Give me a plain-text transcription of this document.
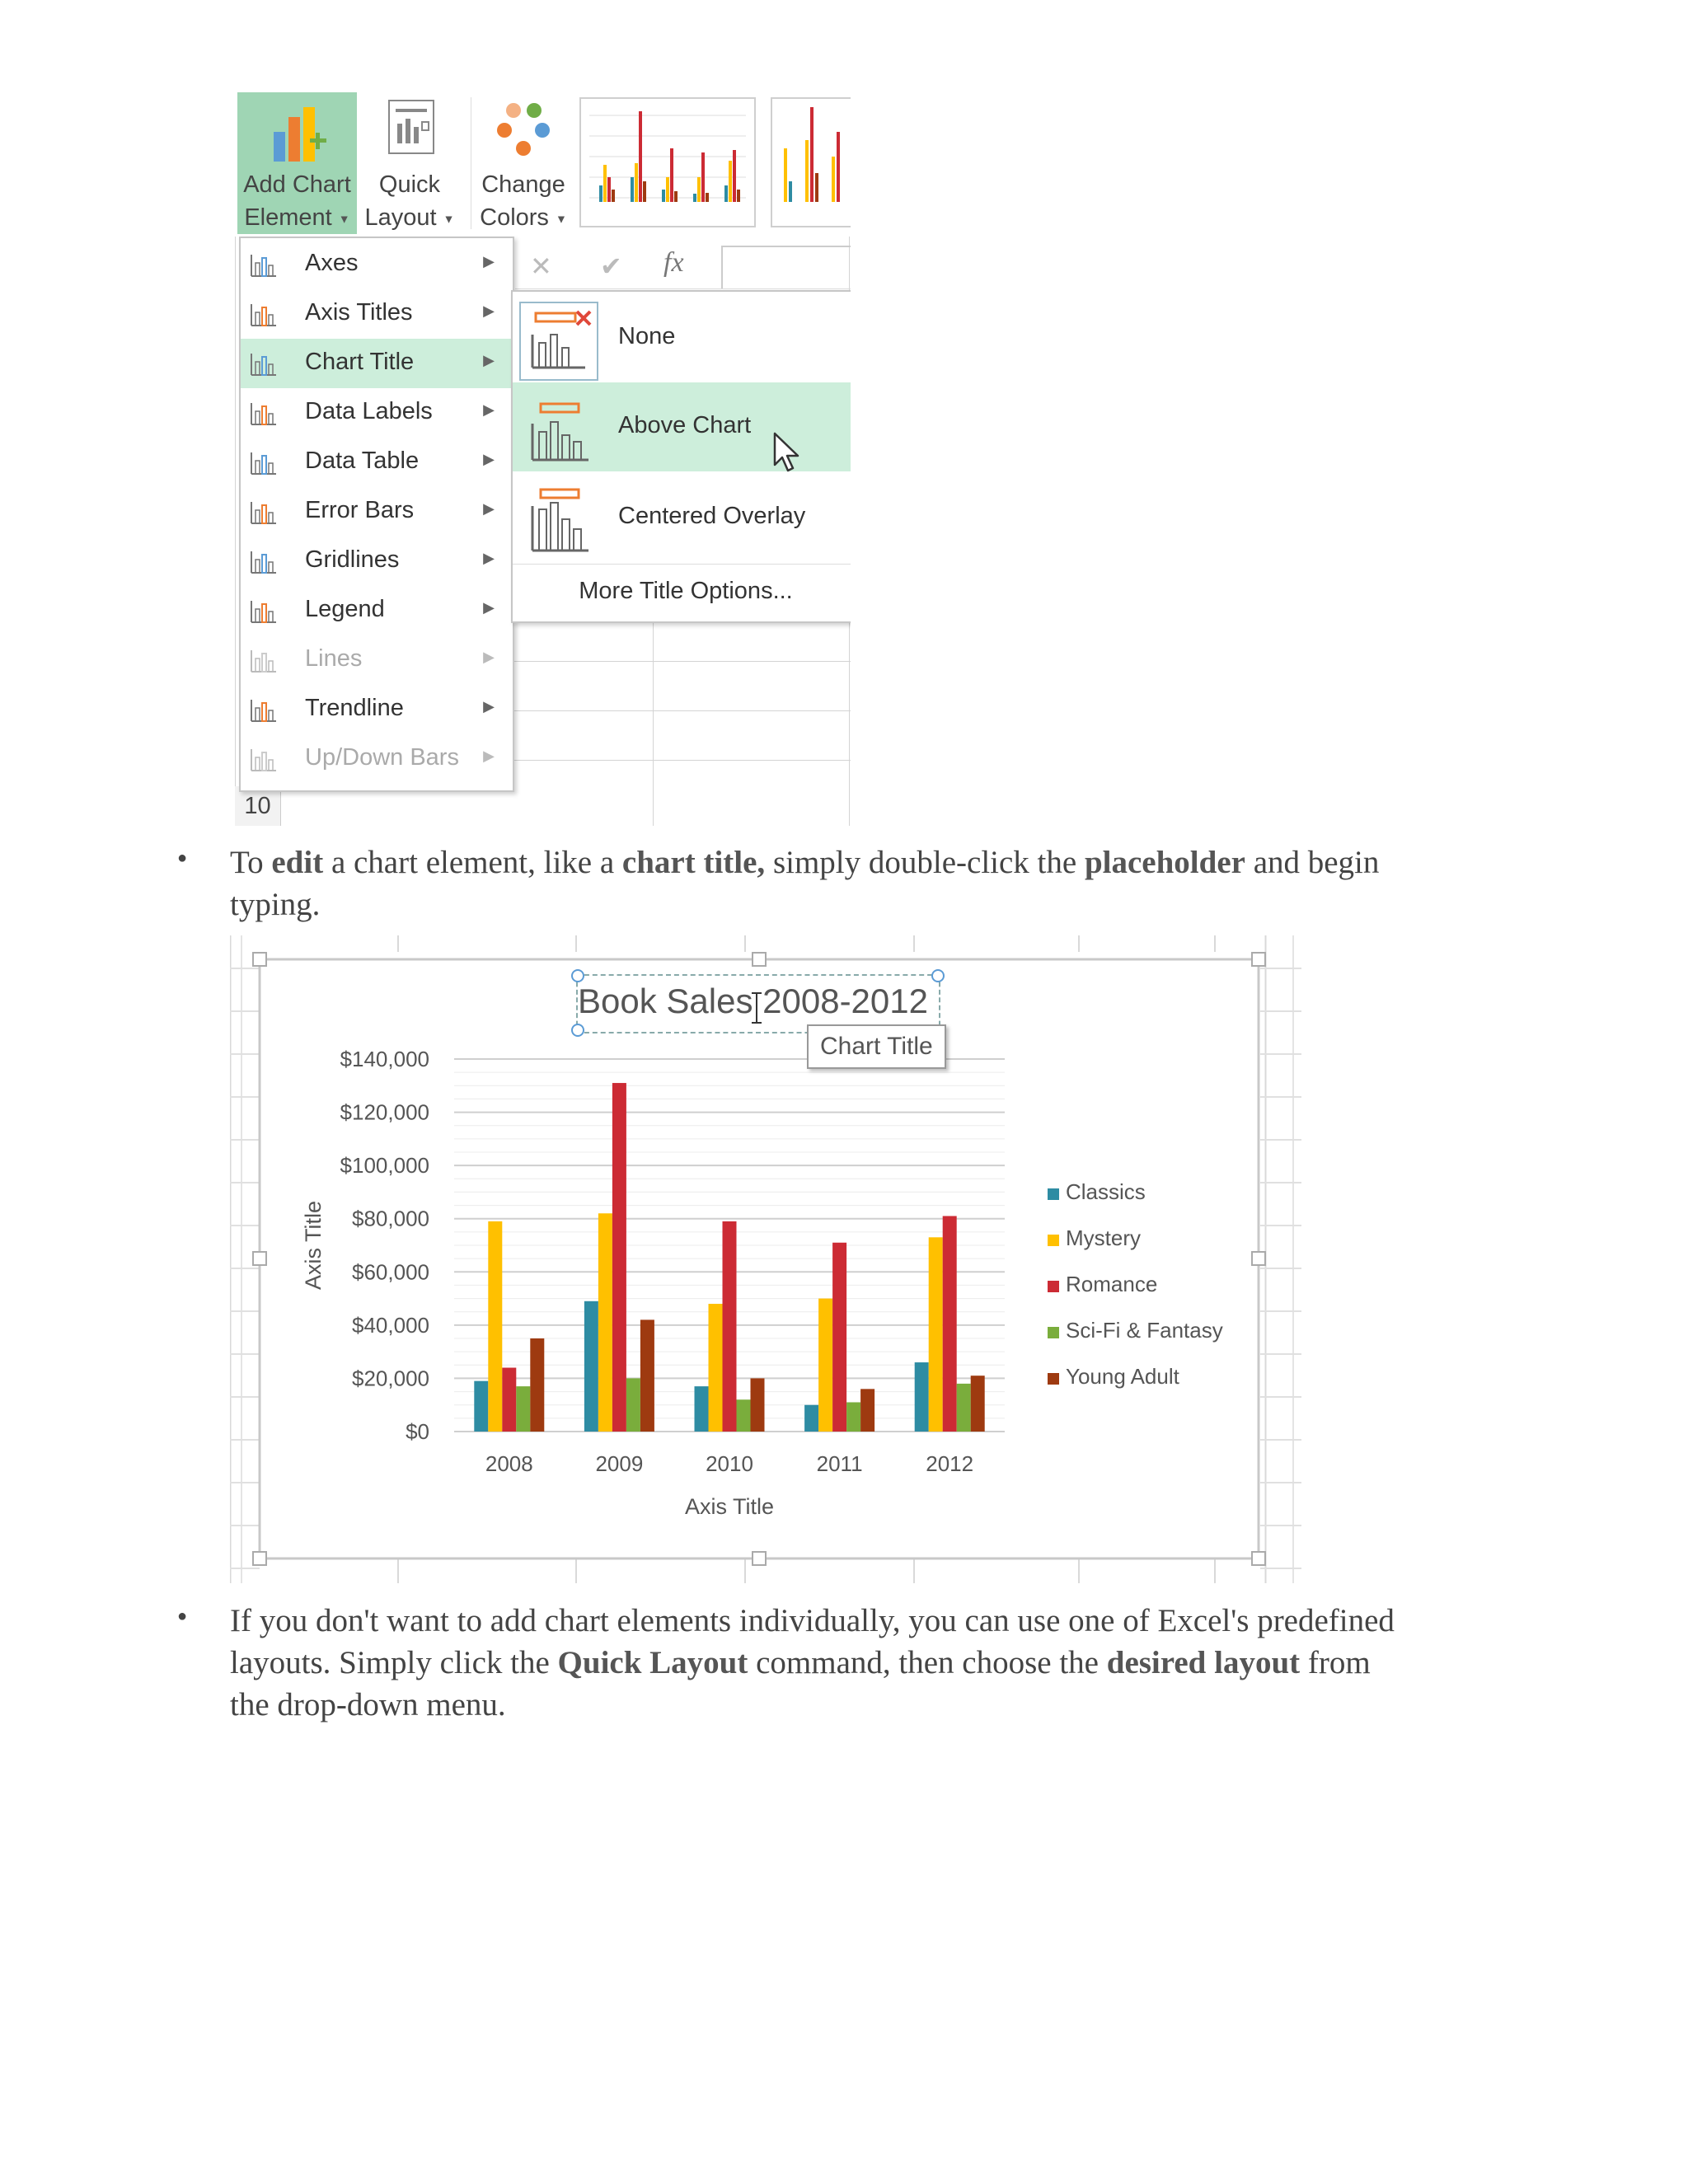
Add Chart
Element ▼
Quick
Layout ▼
Change
Colors ▼
✕ ✔ fx
10
Axes	▶
Axis Titles	▶
Chart Title	▶
Data Labels	▶
Data Table	▶
Error Bars	▶
Gridlines	▶
Legend	▶
Lines	▶
Trendline	▶
Up/Down Bars ▶
None
Above Chart
Centered Overlay
More Title Options...
● To edit a chart element, like a chart title, simply double-click the placeholder and begin typing.
$0
$20,000
$40,000
$60,000
$80,000
$100,000
$120,000
$140,000
2008	2009	2010	2011	2012
Axis Title
Axis Title
Book Sales 2008-2012
Chart Title
Classics
Mystery
Romance
Sci-Fi & Fantasy
Young Adult
● If you don't want to add chart elements individually, you can use one of Excel's predefined layouts. Simply click the Quick Layout command, then choose the desired layout from the drop-down menu.
